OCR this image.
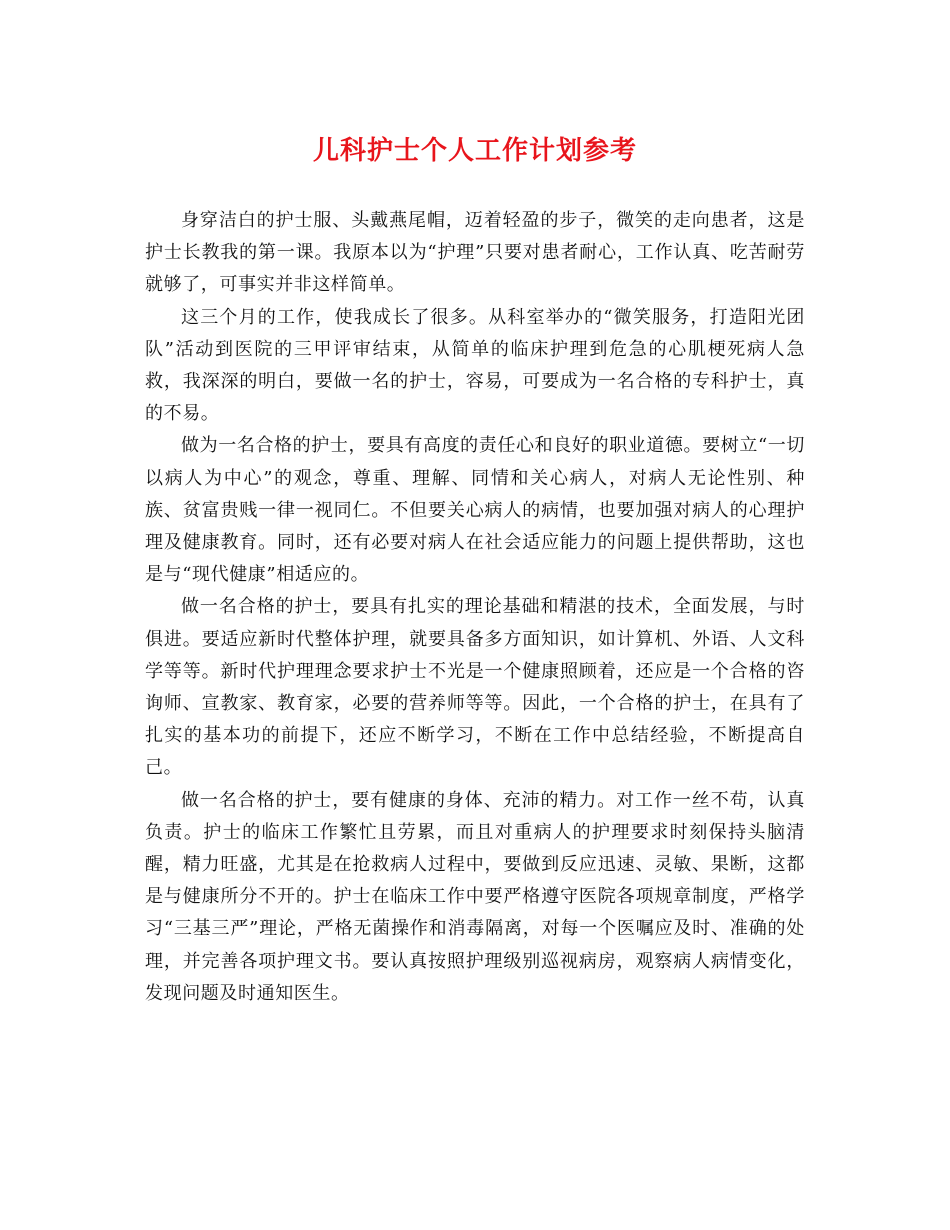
儿科护士个人工作计划参考

身穿洁白的护士服、头戴燕尾帽，迈着轻盈的步子，微笑的走向患者，这是护士长教我的第一课。我原本以为“护理”只要对患者耐心，工作认真、吃苦耐劳就够了，可事实并非这样简单。

这三个月的工作，使我成长了很多。从科室举办的“微笑服务，打造阳光团队”活动到医院的三甲评审结束，从简单的临床护理到危急的心肌梗死病人急救，我深深的明白，要做一名的护士，容易，可要成为一名合格的专科护士，真的不易。

做为一名合格的护士，要具有高度的责任心和良好的职业道德。要树立“一切以病人为中心”的观念，尊重、理解、同情和关心病人，对病人无论性别、种族、贫富贵贱一律一视同仁。不但要关心病人的病情，也要加强对病人的心理护理及健康教育。同时，还有必要对病人在社会适应能力的问题上提供帮助，这也是与“现代健康”相适应的。

做一名合格的护士，要具有扎实的理论基础和精湛的技术，全面发展，与时俱进。要适应新时代整体护理，就要具备多方面知识，如计算机、外语、人文科学等等。新时代护理理念要求护士不光是一个健康照顾着，还应是一个合格的咨询师、宣教家、教育家，必要的营养师等等。因此，一个合格的护士，在具有了扎实的基本功的前提下，还应不断学习，不断在工作中总结经验，不断提高自己。

做一名合格的护士，要有健康的身体、充沛的精力。对工作一丝不苟，认真负责。护士的临床工作繁忙且劳累，而且对重病人的护理要求时刻保持头脑清醒，精力旺盛，尤其是在抢救病人过程中，要做到反应迅速、灵敏、果断，这都是与健康所分不开的。护士在临床工作中要严格遵守医院各项规章制度，严格学习“三基三严”理论，严格无菌操作和消毒隔离，对每一个医嘱应及时、准确的处理，并完善各项护理文书。要认真按照护理级别巡视病房，观察病人病情变化，发现问题及时通知医生。
